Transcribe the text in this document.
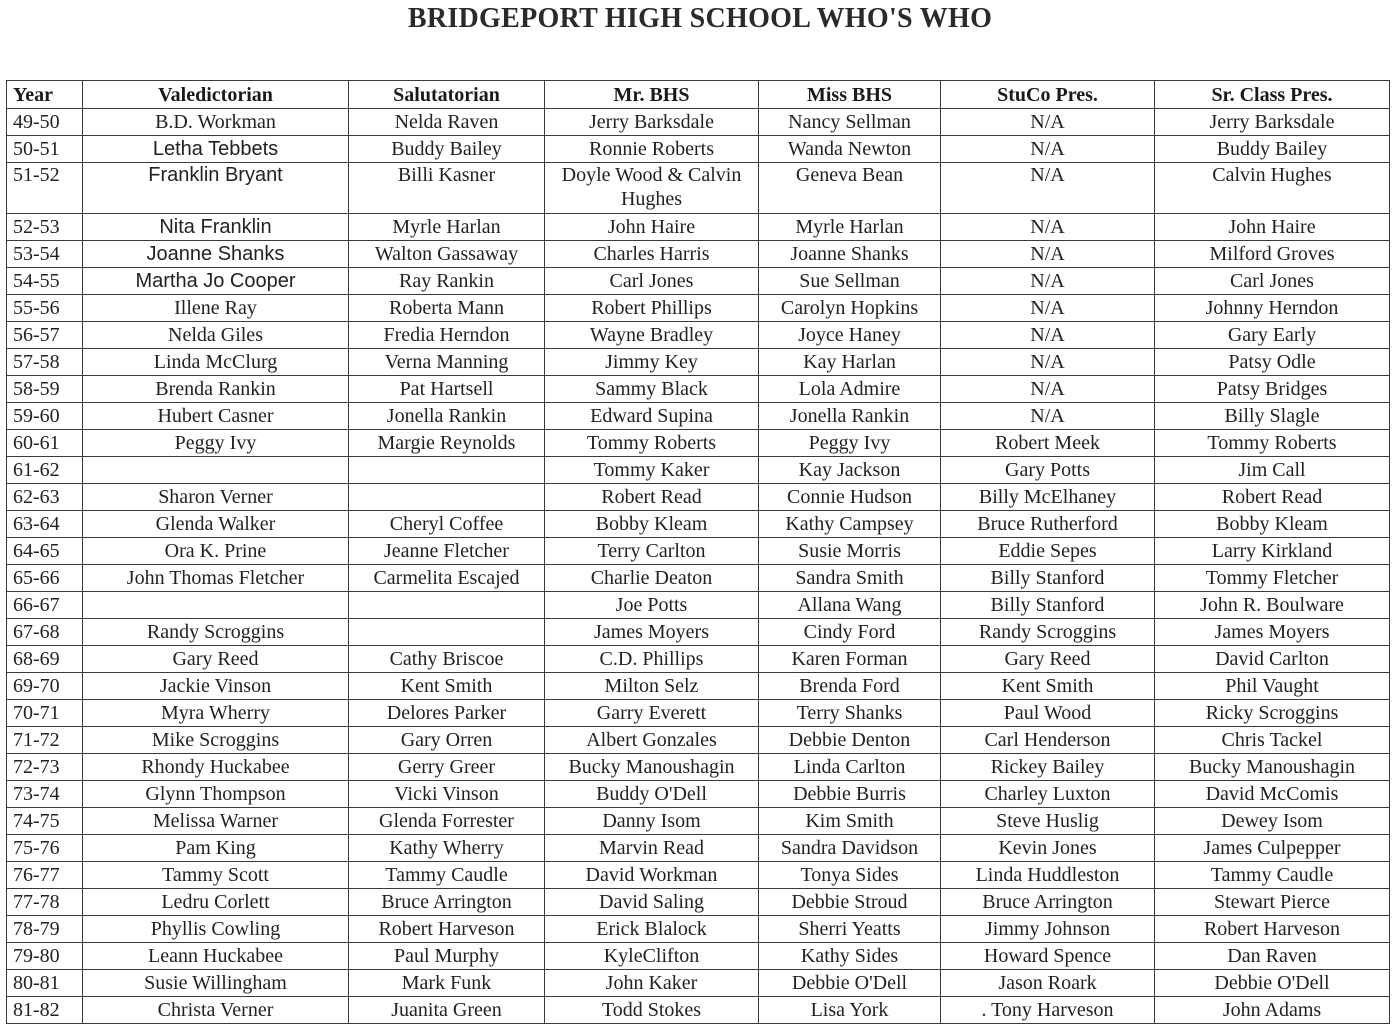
BRIDGEPORT HIGH SCHOOL WHO'S WHO
Year	Valedictorian	Salutatorian	Mr. BHS	Miss BHS	StuCo Pres.	Sr. Class Pres.
49-50	B.D. Workman	Nelda Raven	Jerry Barksdale	Nancy Sellman	N/A	Jerry Barksdale
50-51	Letha Tebbets	Buddy Bailey	Ronnie Roberts	Wanda Newton	N/A	Buddy Bailey
51-52	Franklin Bryant	Billi Kasner	Doyle Wood & Calvin Hughes	Geneva Bean	N/A	Calvin Hughes
52-53	Nita Franklin	Myrle Harlan	John Haire	Myrle Harlan	N/A	John Haire
53-54	Joanne Shanks	Walton Gassaway	Charles Harris	Joanne Shanks	N/A	Milford Groves
54-55	Martha Jo Cooper	Ray Rankin	Carl Jones	Sue Sellman	N/A	Carl Jones
55-56	Illene Ray	Roberta Mann	Robert Phillips	Carolyn Hopkins	N/A	Johnny Herndon
56-57	Nelda Giles	Fredia Herndon	Wayne Bradley	Joyce Haney	N/A	Gary Early
57-58	Linda McClurg	Verna Manning	Jimmy Key	Kay Harlan	N/A	Patsy Odle
58-59	Brenda Rankin	Pat Hartsell	Sammy Black	Lola Admire	N/A	Patsy Bridges
59-60	Hubert Casner	Jonella Rankin	Edward Supina	Jonella Rankin	N/A	Billy Slagle
60-61	Peggy Ivy	Margie Reynolds	Tommy Roberts	Peggy Ivy	Robert Meek	Tommy Roberts
61-62			Tommy Kaker	Kay Jackson	Gary Potts	Jim Call
62-63	Sharon Verner		Robert Read	Connie Hudson	Billy McElhaney	Robert Read
63-64	Glenda Walker	Cheryl Coffee	Bobby Kleam	Kathy Campsey	Bruce Rutherford	Bobby Kleam
64-65	Ora K. Prine	Jeanne Fletcher	Terry Carlton	Susie Morris	Eddie Sepes	Larry Kirkland
65-66	John Thomas Fletcher	Carmelita Escajed	Charlie Deaton	Sandra Smith	Billy Stanford	Tommy Fletcher
66-67			Joe Potts	Allana Wang	Billy Stanford	John R. Boulware
67-68	Randy Scroggins		James Moyers	Cindy Ford	Randy Scroggins	James Moyers
68-69	Gary Reed	Cathy Briscoe	C.D. Phillips	Karen Forman	Gary Reed	David Carlton
69-70	Jackie Vinson	Kent Smith	Milton Selz	Brenda Ford	Kent Smith	Phil Vaught
70-71	Myra Wherry	Delores Parker	Garry Everett	Terry Shanks	Paul Wood	Ricky Scroggins
71-72	Mike Scroggins	Gary Orren	Albert Gonzales	Debbie Denton	Carl Henderson	Chris Tackel
72-73	Rhondy Huckabee	Gerry Greer	Bucky Manoushagin	Linda Carlton	Rickey Bailey	Bucky Manoushagin
73-74	Glynn Thompson	Vicki Vinson	Buddy O'Dell	Debbie Burris	Charley Luxton	David McComis
74-75	Melissa Warner	Glenda Forrester	Danny Isom	Kim Smith	Steve Huslig	Dewey Isom
75-76	Pam King	Kathy Wherry	Marvin Read	Sandra Davidson	Kevin Jones	James Culpepper
76-77	Tammy Scott	Tammy Caudle	David Workman	Tonya Sides	Linda Huddleston	Tammy Caudle
77-78	Ledru Corlett	Bruce Arrington	David Saling	Debbie Stroud	Bruce Arrington	Stewart Pierce
78-79	Phyllis Cowling	Robert Harveson	Erick Blalock	Sherri Yeatts	Jimmy Johnson	Robert Harveson
79-80	Leann Huckabee	Paul Murphy	KyleClifton	Kathy Sides	Howard Spence	Dan Raven
80-81	Susie Willingham	Mark Funk	John Kaker	Debbie O'Dell	Jason Roark	Debbie O'Dell
81-82	Christa Verner	Juanita Green	Todd Stokes	Lisa York	. Tony Harveson	John Adams
